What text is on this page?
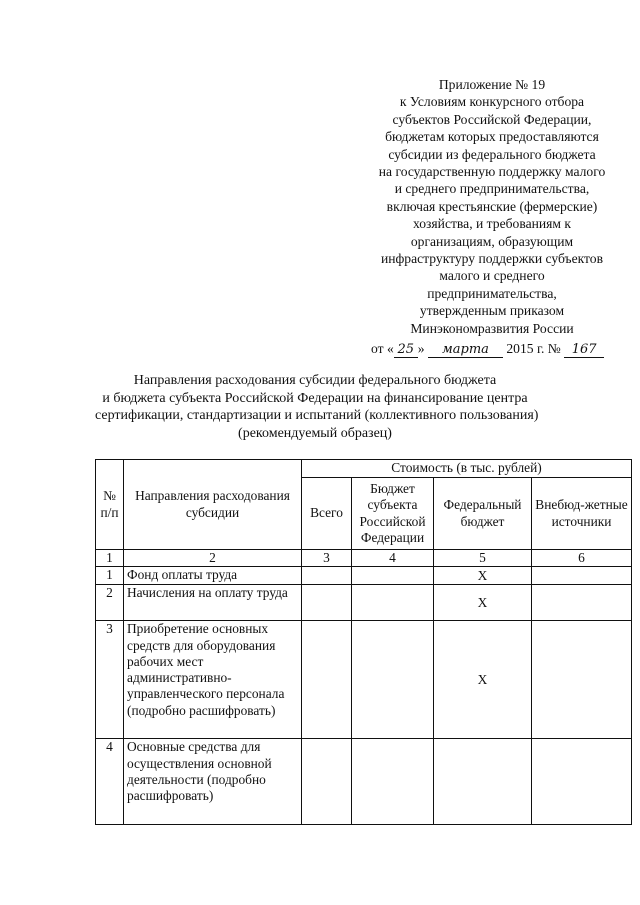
Приложение № 19
к Условиям конкурсного отбора
субъектов Российской Федерации,
бюджетам которых предоставляются
субсидии из федерального бюджета
на государственную поддержку малого
и среднего предпринимательства,
включая крестьянские (фермерские)
хозяйства, и требованиям к
организациям, образующим
инфраструктуру поддержки субъектов
малого и среднего
предпринимательства,
утвержденным приказом
Минэкономразвития России
от « 25 » марта 2015 г. № 167
Направления расходования субсидии федерального бюджета
и бюджета субъекта Российской Федерации на финансирование центра
сертификации, стандартизации и испытаний (коллективного пользования)
(рекомендуемый образец)
№ п/п	Направления расходования субсидии	Стоимость (в тыс. рублей)			
		Всего	Бюджет субъекта Российской Федерации	Федеральный бюджет	Внебюд-жетные источники
1	2	3	4	5	6
1	Фонд оплаты труда			X	
2	Начисления на оплату труда			X	
3	Приобретение основных средств для оборудования рабочих мест административно-управленческого персонала (подробно расшифровать)			X	
4	Основные средства для осуществления основной деятельности (подробно расшифровать)				
